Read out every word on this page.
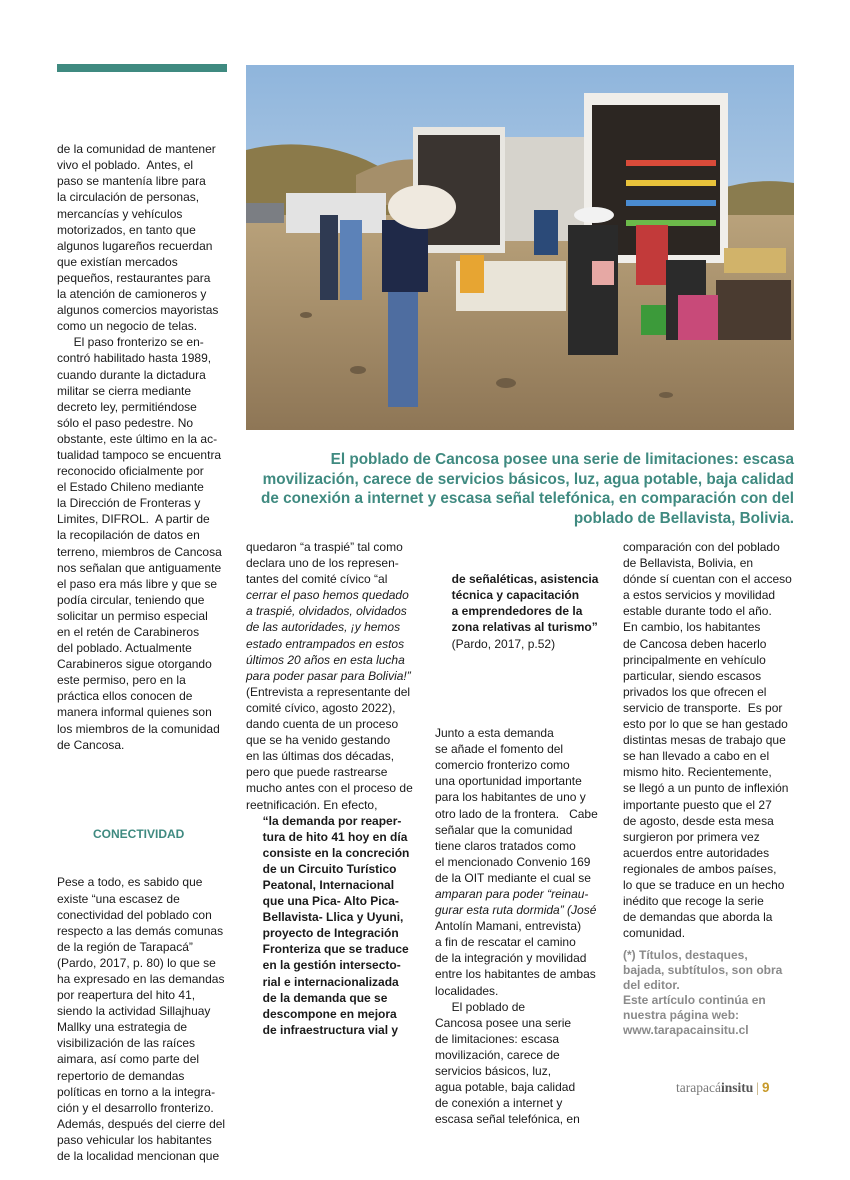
de la comunidad de mantener
vivo el poblado.  Antes, el
paso se mantenía libre para
la circulación de personas,
mercancías y vehículos
motorizados, en tanto que
algunos lugareños recuerdan
que existían mercados
pequeños, restaurantes para
la atención de camioneros y
algunos comercios mayoristas
como un negocio de telas.
El paso fronterizo se en-
contró habilitado hasta 1989,
cuando durante la dictadura
militar se cierra mediante
decreto ley, permitiéndose
sólo el paso pedestre. No
obstante, este último en la ac-
tualidad tampoco se encuentra
reconocido oficialmente por
el Estado Chileno mediante
la Dirección de Fronteras y
Limites, DIFROL.  A partir de
la recopilación de datos en
terreno, miembros de Cancosa
nos señalan que antiguamente
el paso era más libre y que se
podía circular, teniendo que
solicitar un permiso especial
en el retén de Carabineros
del poblado. Actualmente
Carabineros sigue otorgando
este permiso, pero en la
práctica ellos conocen de
manera informal quienes son
los miembros de la comunidad
de Cancosa.

CONECTIVIDAD

Pese a todo, es sabido que
existe “una escasez de
conectividad del poblado con
respecto a las demás comunas
de la región de Tarapacá”
(Pardo, 2017, p. 80) lo que se
ha expresado en las demandas
por reapertura del hito 41,
siendo la actividad Sillajhuay
Mallky una estrategia de
visibilización de las raíces
aimara, así como parte del
repertorio de demandas
políticas en torno a la integra-
ción y el desarrollo fronterizo.
Además, después del cierre del
paso vehicular los habitantes
de la localidad mencionan que

El poblado de Cancosa posee una serie de limitaciones: escasa
movilización, carece de servicios básicos, luz, agua potable, baja calidad
de conexión a internet y escasa señal telefónica, en comparación con del
poblado de Bellavista, Bolivia.
quedaron “a traspié” tal como
declara uno de los represen-
tantes del comité cívico “al
cerrar el paso hemos quedado
a traspié, olvidados, olvidados
de las autoridades, ¡y hemos
estado entrampados en estos
últimos 20 años en esta lucha
para poder pasar para Bolivia!”
(Entrevista a representante del
comité cívico, agosto 2022),
dando cuenta de un proceso
que se ha venido gestando
en las últimas dos décadas,
pero que puede rastrearse
mucho antes con el proceso de
reetnificación. En efecto,
“la demanda por reaper-
tura de hito 41 hoy en día
consiste en la concreción
de un Circuito Turístico
Peatonal, Internacional
que una Pica- Alto Pica-
Bellavista- Llica y Uyuni,
proyecto de Integración
Fronteriza que se traduce
en la gestión intersecto-
rial e internacionalizada
de la demanda que se
descompone en mejora
de infraestructura vial y

de señaléticas, asistencia
técnica y capacitación
a emprendedores de la
zona relativas al turismo”
(Pardo, 2017, p.52)

Junto a esta demanda
se añade el fomento del
comercio fronterizo como
una oportunidad importante
para los habitantes de uno y
otro lado de la frontera.   Cabe
señalar que la comunidad
tiene claros tratados como
el mencionado Convenio 169
de la OIT mediante el cual se
amparan para poder “reinau-
gurar esta ruta dormida” (José
Antolín Mamani, entrevista)
a fin de rescatar el camino
de la integración y movilidad
entre los habitantes de ambas
localidades.
El poblado de
Cancosa posee una serie
de limitaciones: escasa
movilización, carece de
servicios básicos, luz,
agua potable, baja calidad
de conexión a internet y
escasa señal telefónica, en

comparación con del poblado
de Bellavista, Bolivia, en
dónde sí cuentan con el acceso
a estos servicios y movilidad
estable durante todo el año.
En cambio, los habitantes
de Cancosa deben hacerlo
principalmente en vehículo
particular, siendo escasos
privados los que ofrecen el
servicio de transporte.  Es por
esto por lo que se han gestado
distintas mesas de trabajo que
se han llevado a cabo en el
mismo hito. Recientemente,
se llegó a un punto de inflexión
importante puesto que el 27
de agosto, desde esta mesa
surgieron por primera vez
acuerdos entre autoridades
regionales de ambos países,
lo que se traduce en un hecho
inédito que recoge la serie
de demandas que aborda la
comunidad.
(*) Títulos, destaques,
bajada, subtítulos, son obra
del editor.
Este artículo continúa en
nuestra página web:
www.tarapacainsitu.cl
tarapacáinsitu | 9
